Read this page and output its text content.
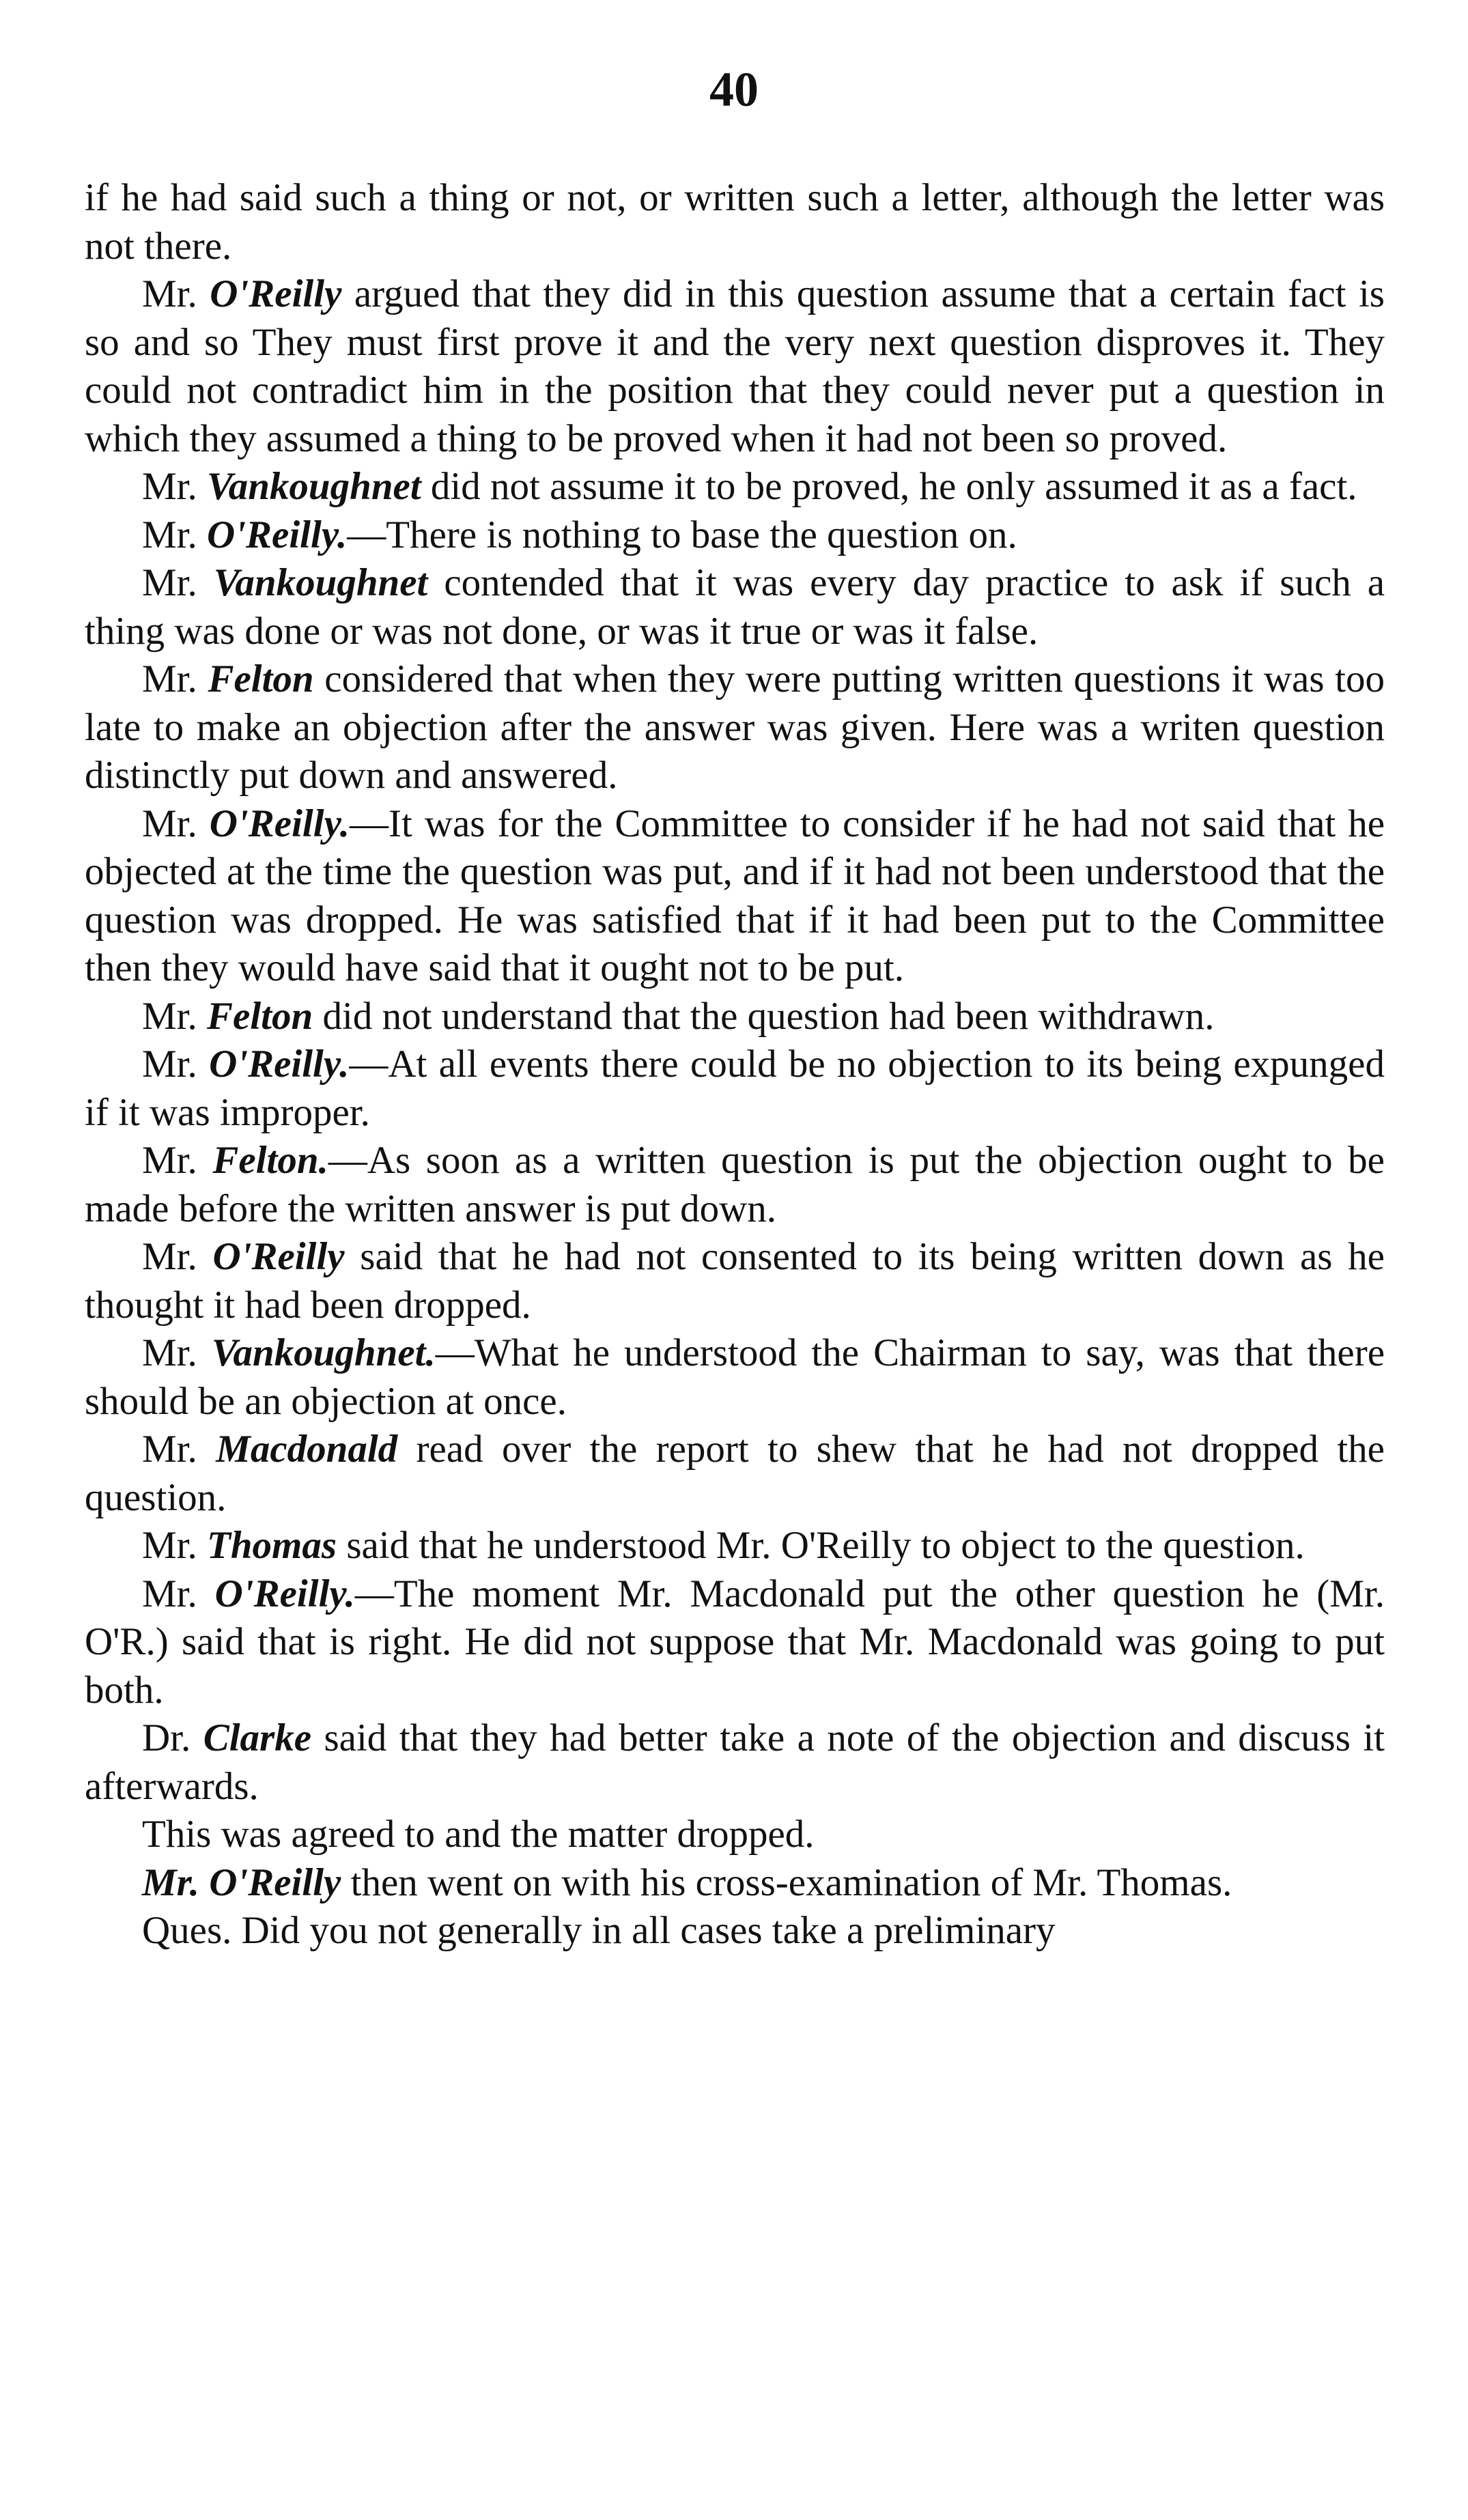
40

if he had said such a thing or not, or written such a letter, although the letter was not there.

Mr. O'Reilly argued that they did in this question assume that a certain fact is so and so They must first prove it and the very next question disproves it. They could not contradict him in the position that they could never put a question in which they assumed a thing to be proved when it had not been so proved.

Mr. Vankoughnet did not assume it to be proved, he only assumed it as a fact.

Mr. O'Reilly.—There is nothing to base the question on.

Mr. Vankoughnet contended that it was every day practice to ask if such a thing was done or was not done, or was it true or was it false.

Mr. Felton considered that when they were putting written questions it was too late to make an objection after the answer was given. Here was a writen question distinctly put down and answered.

Mr. O'Reilly.—It was for the Committee to consider if he had not said that he objected at the time the question was put, and if it had not been understood that the question was dropped. He was satisfied that if it had been put to the Committee then they would have said that it ought not to be put.

Mr. Felton did not understand that the question had been withdrawn.

Mr. O'Reilly.—At all events there could be no objection to its being expunged if it was improper.

Mr. Felton.—As soon as a written question is put the objection ought to be made before the written answer is put down.

Mr. O'Reilly said that he had not consented to its being written down as he thought it had been dropped.

Mr. Vankoughnet.—What he understood the Chairman to say, was that there should be an objection at once.

Mr. Macdonald read over the report to shew that he had not dropped the question.

Mr. Thomas said that he understood Mr. O'Reilly to object to the question.

Mr. O'Reilly.—The moment Mr. Macdonald put the other question he (Mr. O'R.) said that is right. He did not suppose that Mr. Macdonald was going to put both.

Dr. Clarke said that they had better take a note of the objection and discuss it afterwards.

This was agreed to and the matter dropped.

Mr. O'Reilly then went on with his cross-examination of Mr. Thomas.

Ques. Did you not generally in all cases take a preliminary
